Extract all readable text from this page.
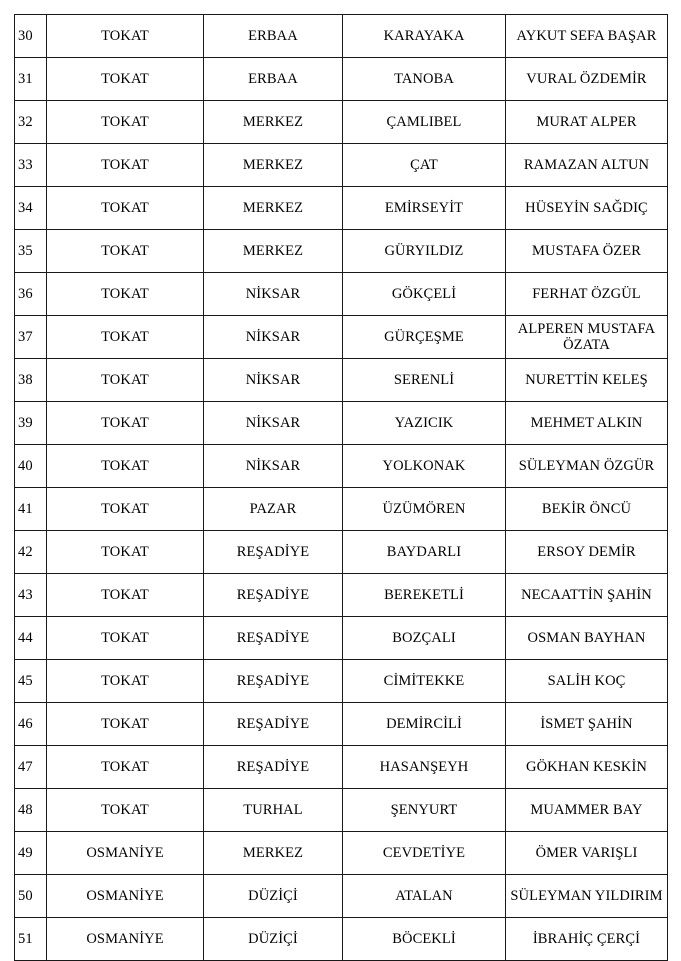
30	TOKAT	ERBAA	KARAYAKA	AYKUT SEFA BAŞAR
31	TOKAT	ERBAA	TANOBA	VURAL ÖZDEMİR
32	TOKAT	MERKEZ	ÇAMLIBEL	MURAT ALPER
33	TOKAT	MERKEZ	ÇAT	RAMAZAN ALTUN
34	TOKAT	MERKEZ	EMİRSEYİT	HÜSEYİN SAĞDIÇ
35	TOKAT	MERKEZ	GÜRYILDIZ	MUSTAFA ÖZER
36	TOKAT	NİKSAR	GÖKÇELİ	FERHAT ÖZGÜL
37	TOKAT	NİKSAR	GÜRÇEŞME	ALPEREN MUSTAFA ÖZATA
38	TOKAT	NİKSAR	SERENLİ	NURETTİN KELEŞ
39	TOKAT	NİKSAR	YAZICIK	MEHMET ALKIN
40	TOKAT	NİKSAR	YOLKONAK	SÜLEYMAN ÖZGÜR
41	TOKAT	PAZAR	ÜZÜMÖREN	BEKİR ÖNCÜ
42	TOKAT	REŞADİYE	BAYDARLI	ERSOY DEMİR
43	TOKAT	REŞADİYE	BEREKETLİ	NECAATTİN ŞAHİN
44	TOKAT	REŞADİYE	BOZÇALI	OSMAN BAYHAN
45	TOKAT	REŞADİYE	CİMİTEKKE	SALİH KOÇ
46	TOKAT	REŞADİYE	DEMİRCİLİ	İSMET ŞAHİN
47	TOKAT	REŞADİYE	HASANŞEYH	GÖKHAN KESKİN
48	TOKAT	TURHAL	ŞENYURT	MUAMMER BAY
49	OSMANİYE	MERKEZ	CEVDETİYE	ÖMER VARIŞLI
50	OSMANİYE	DÜZİÇİ	ATALAN	SÜLEYMAN YILDIRIM
51	OSMANİYE	DÜZİÇİ	BÖCEKLİ	İBRAHİÇ ÇERÇİ
